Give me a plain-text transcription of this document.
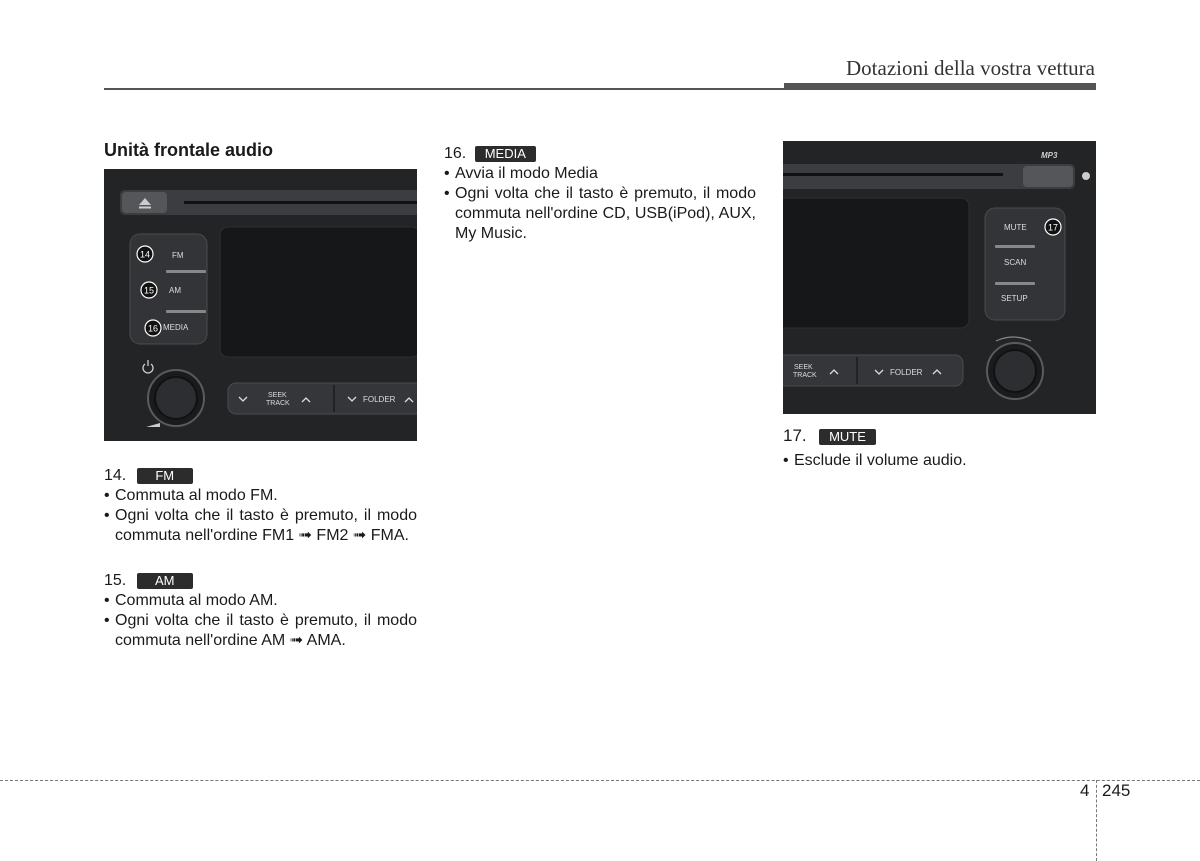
Dotazioni della vostra vettura
Unità frontale audio
FM
AM
MEDIA
14
15
16
SEEK
TRACK	FOLDER
MP3
MUTE
SCAN
SETUP
17
SEEK
TRACK	FOLDER
14. FM
• Commuta al modo FM.
• Ogni volta che il tasto è premuto, il modo commuta nell'ordine FM1 ➟ FM2 ➟ FMA.
15. AM
• Commuta al modo AM.
• Ogni volta che il tasto è premuto, il modo commuta nell'ordine AM ➟ AMA.
16. MEDIA
• Avvia il modo Media
• Ogni volta che il tasto è premuto, il modo commuta nell'ordine CD, USB(iPod), AUX, My Music.
17. MUTE
• Esclude il volume audio.
4 245
